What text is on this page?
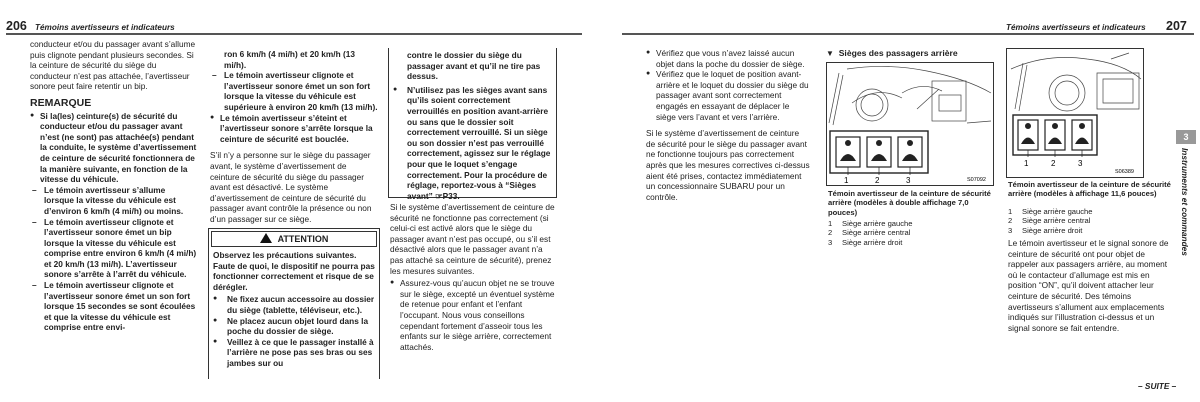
206 Témoins avertisseurs et indicateurs

conducteur et/ou du passager avant s’allume puis clignote pendant plusieurs secondes. Si la ceinture de sécurité du siège du conducteur n’est pas attachée, l’avertisseur sonore peut faire retentir un bip.

REMARQUE
● Si la(les) ceinture(s) de sécurité du conducteur et/ou du passager avant n’est (ne sont) pas attachée(s) pendant la conduite, le système d’avertissement de ceinture de sécurité fonctionnera de la manière suivante, en fonction de la vitesse du véhicule.
– Le témoin avertisseur s’allume lorsque la vitesse du véhicule est d’environ 6 km/h (4 mi/h) ou moins.
– Le témoin avertisseur clignote et l’avertisseur sonore émet un bip lorsque la vitesse du véhicule est comprise entre environ 6 km/h (4 mi/h) et 20 km/h (13 mi/h). L’avertisseur sonore s’arrête à l’arrêt du véhicule.
– Le témoin avertisseur clignote et l’avertisseur sonore émet un son fort lorsque 15 secondes se sont écoulées et que la vitesse du véhicule est comprise entre envi-

ron 6 km/h (4 mi/h) et 20 km/h (13 mi/h).

– Le témoin avertisseur clignote et l’avertisseur sonore émet un son fort lorsque la vitesse du véhicule est supérieure à environ 20 km/h (13 mi/h).
● Le témoin avertisseur s’éteint et l’avertisseur sonore s’arrête lorsque la ceinture de sécurité est bouclée.

S’il n’y a personne sur le siège du passager avant, le système d’avertissement de ceinture de sécurité du siège du passager avant est désactivé. Le système d’avertissement de ceinture de sécurité du passager avant contrôle la présence ou non d’un passager sur ce siège.

ATTENTION

Observez les précautions suivantes. Faute de quoi, le dispositif ne pourra pas fonctionner correctement et risque de se dérégler.

● Ne fixez aucun accessoire au dossier du siège (tablette, téléviseur, etc.).
● Ne placez aucun objet lourd dans la poche du dossier de siège.
● Veillez à ce que le passager installé à l’arrière ne pose pas ses bras ou ses jambes sur ou

contre le dossier du siège du passager avant et qu’il ne tire pas dessus.

● N’utilisez pas les sièges avant sans qu’ils soient correctement verrouillés en position avant-arrière ou sans que le dossier soit correctement verrouillé. Si un siège ou son dossier n’est pas verrouillé correctement, agissez sur le réglage pour que le loquet s’engage correctement. Pour la procédure de réglage, reportez-vous à “Sièges avant” ☞P33.

Si le système d’avertissement de ceinture de sécurité ne fonctionne pas correctement (si celui-ci est activé alors que le siège du passager avant n’est pas occupé, ou s’il est désactivé alors que le passager avant n’a pas attaché sa ceinture de sécurité), prenez les mesures suivantes.

● Assurez-vous qu’aucun objet ne se trouve sur le siège, excepté un éventuel système de retenue pour enfant et l’enfant l’occupant. Nous vous conseillons cependant fortement d’asseoir tous les enfants sur le siège arrière, correctement attachés.
Témoins avertisseurs et indicateurs 207
● Vérifiez que vous n’avez laissé aucun objet dans la poche du dossier de siège.
● Vérifiez que le loquet de position avant-arrière et le loquet du dossier du siège du passager avant sont correctement engagés en essayant de déplacer le siège vers l’avant et vers l’arrière.

Si le système d’avertissement de ceinture de sécurité pour le siège du passager avant ne fonctionne toujours pas correctement après que les mesures correctives ci-dessus aient été prises, contactez immédiatement un concessionnaire SUBARU pour un contrôle.

▼ Sièges des passagers arrière
1	2	3	S07092
Témoin avertisseur de la ceinture de sécurité arrière (modèles à double affichage 7,0 pouces)
1 Siège arrière gauche
2 Siège arrière central
3 Siège arrière droit
1	2	3
S06389
Témoin avertisseur de la ceinture de sécurité arrière (modèles à affichage 11,6 pouces)
1 Siège arrière gauche
2 Siège arrière central
3 Siège arrière droit

Le témoin avertisseur et le signal sonore de ceinture de sécurité ont pour objet de rappeler aux passagers arrière, au moment où le contacteur d’allumage est mis en position “ON”, qu’il doivent attacher leur ceinture de sécurité. Des témoins avertisseurs s’allument aux emplacements indiqués sur l’illustration ci-dessus et un signal sonore se fait entendre.

3
Instruments et commandes
– SUITE –
